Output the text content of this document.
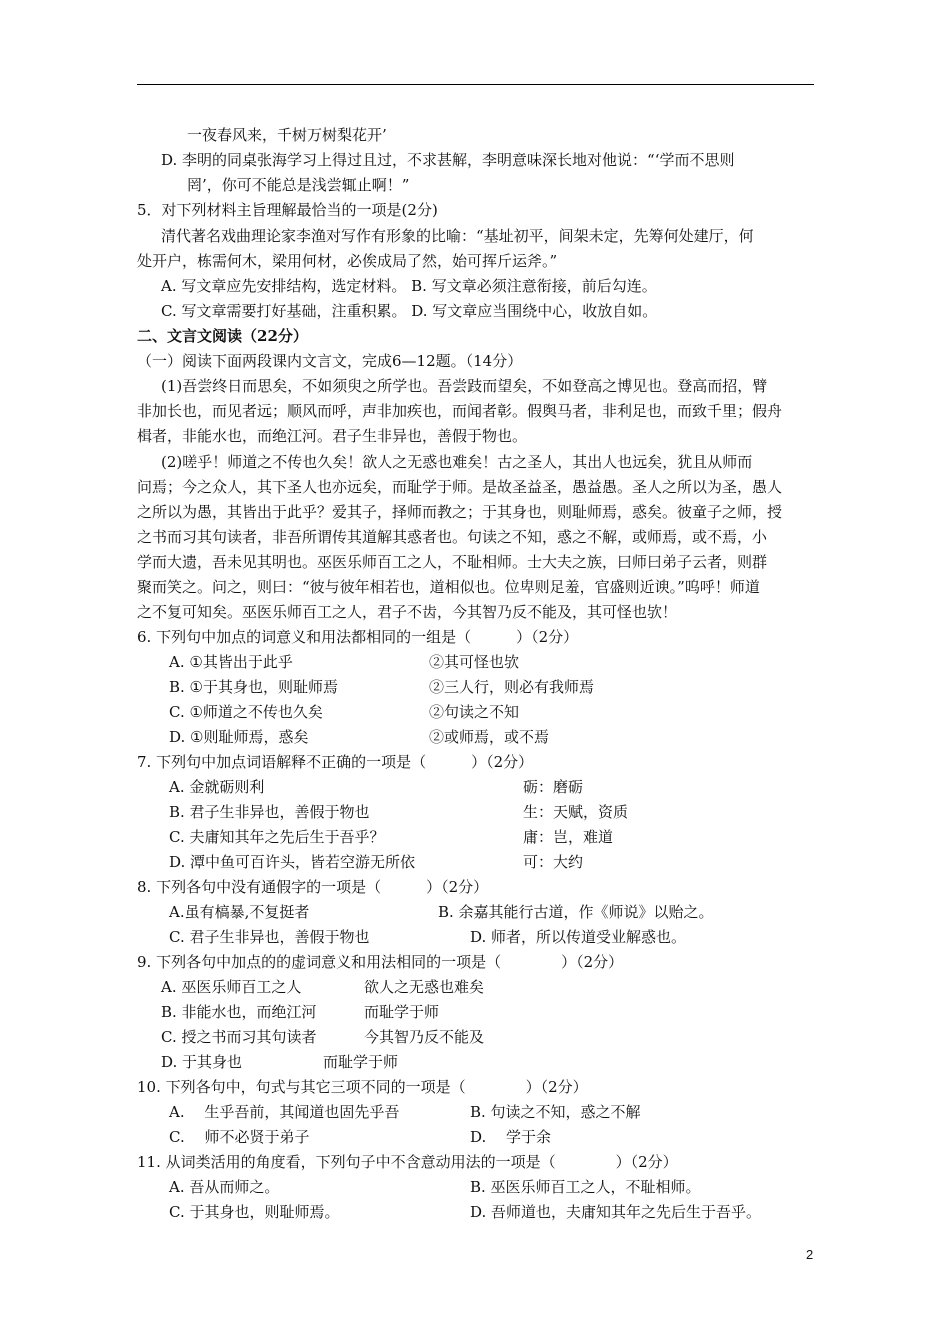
一夜春风来，千树万树梨花开’
D. 李明的同桌张海学习上得过且过，不求甚解，李明意味深长地对他说：“‘学而不思则
罔’，你可不能总是浅尝辄止啊！”
5．对下列材料主旨理解最恰当的一项是(2分)
清代著名戏曲理论家李渔对写作有形象的比喻：“基址初平，间架未定，先筹何处建厅，何
处开户，栋需何木，梁用何材，必俟成局了然，始可挥斤运斧。”
A. 写文章应先安排结构，选定材料。 B. 写文章必须注意衔接，前后勾连。
C. 写文章需要打好基础，注重积累。 D. 写文章应当围绕中心，收放自如。
二、文言文阅读（22分）
（一）阅读下面两段课内文言文，完成6—12题。（14分）
(1)吾尝终日而思矣，不如须臾之所学也。吾尝跂而望矣，不如登高之博见也。登高而招，臂
非加长也，而见者远；顺风而呼，声非加疾也，而闻者彰。假舆马者，非利足也，而致千里；假舟
楫者，非能水也，而绝江河。君子生非异也，善假于物也。
(2)嗟乎！师道之不传也久矣！欲人之无惑也难矣！古之圣人，其出人也远矣，犹且从师而
问焉；今之众人，其下圣人也亦远矣，而耻学于师。是故圣益圣，愚益愚。圣人之所以为圣，愚人
之所以为愚，其皆出于此乎？爱其子，择师而教之；于其身也，则耻师焉，惑矣。彼童子之师，授
之书而习其句读者，非吾所谓传其道解其惑者也。句读之不知，惑之不解，或师焉，或不焉，小
学而大遗，吾未见其明也。巫医乐师百工之人，不耻相师。士大夫之族，曰师曰弟子云者，则群
聚而笑之。问之，则曰：“彼与彼年相若也，道相似也。位卑则足羞，官盛则近谀。”呜呼！师道
之不复可知矣。巫医乐师百工之人，君子不齿，今其智乃反不能及，其可怪也欤！
6. 下列句中加点的词意义和用法都相同的一组是（　　　）（2分）
A. ①其皆出于此乎	②其可怪也欤
B. ①于其身也，则耻师焉	②三人行，则必有我师焉
C. ①师道之不传也久矣	②句读之不知
D. ①则耻师焉，惑矣	②或师焉，或不焉
7. 下列句中加点词语解释不正确的一项是（　　　）（2分）
A. 金就砺则利	砺：磨砺
B. 君子生非异也，善假于物也	生：天赋，资质
C. 夫庸知其年之先后生于吾乎？	庸：岂，难道
D. 潭中鱼可百许头，皆若空游无所依	可：大约
8. 下列各句中没有通假字的一项是（　　　）（2分）
A.虽有槁暴,不复挺者	B. 余嘉其能行古道，作《师说》以贻之。
C. 君子生非异也，善假于物也	D. 师者，所以传道受业解惑也。
9. 下列各句中加点的的虚词意义和用法相同的一项是（　　　　）（2分）
A. 巫医乐师百工之人	欲人之无惑也难矣
B. 非能水也，而绝江河	而耻学于师
C. 授之书而习其句读者	今其智乃反不能及
D. 于其身也	而耻学于师
10. 下列各句中，句式与其它三项不同的一项是（　　　　）（2分）
A.　 生乎吾前，其闻道也固先乎吾	B. 句读之不知，惑之不解
C.　 师不必贤于弟子	D.　 学于余
11. 从词类活用的角度看，下列句子中不含意动用法的一项是（　　　　）（2分）
A. 吾从而师之。	B. 巫医乐师百工之人，不耻相师。
C. 于其身也，则耻师焉。	D. 吾师道也，夫庸知其年之先后生于吾乎。
2
